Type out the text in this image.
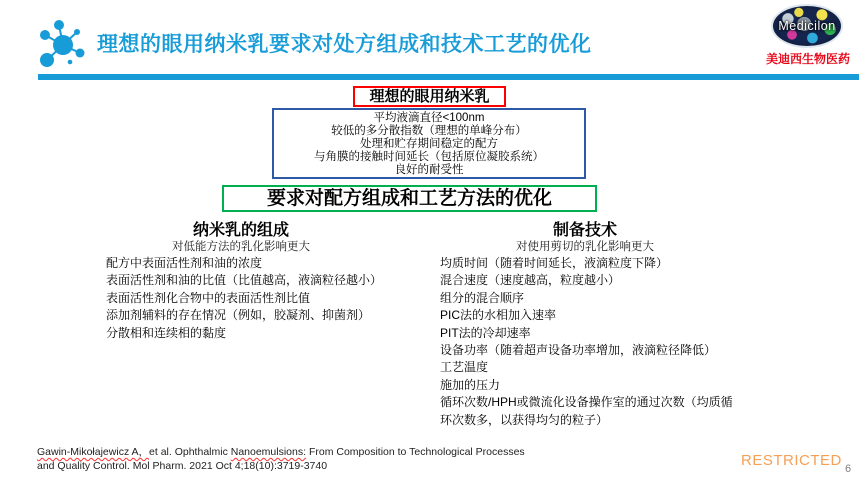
理想的眼用纳米乳要求对处方组成和技术工艺的优化
Medicilon
美迪西生物医药
理想的眼用纳米乳
平均液滴直径<100nm
较低的多分散指数（理想的单峰分布）
处理和贮存期间稳定的配方
与角膜的接触时间延长（包括原位凝胶系统）
良好的耐受性
要求对配方组成和工艺方法的优化
纳米乳的组成
对低能方法的乳化影响更大
配方中表面活性剂和油的浓度
表面活性剂和油的比值（比值越高，液滴粒径越小）
表面活性剂化合物中的表面活性剂比值
添加剂辅料的存在情况（例如，胶凝剂、抑菌剂）
分散相和连续相的黏度
制备技术
对使用剪切的乳化影响更大
均质时间（随着时间延长，液滴粒度下降）
混合速度（速度越高，粒度越小）
组分的混合顺序
PIC法的水相加入速率
PIT法的冷却速率
设备功率（随着超声设备功率增加，液滴粒径降低）
工艺温度
施加的压力
循环次数/HPH或微流化设备操作室的通过次数（均质循环次数多，以获得均匀的粒子）
Gawin-Mikołajewicz A，et al. Ophthalmic Nanoemulsions: From Composition to Technological Processes
and Quality Control. Mol Pharm. 2021 Oct 4;18(10):3719-3740	RESTRICTED 6
